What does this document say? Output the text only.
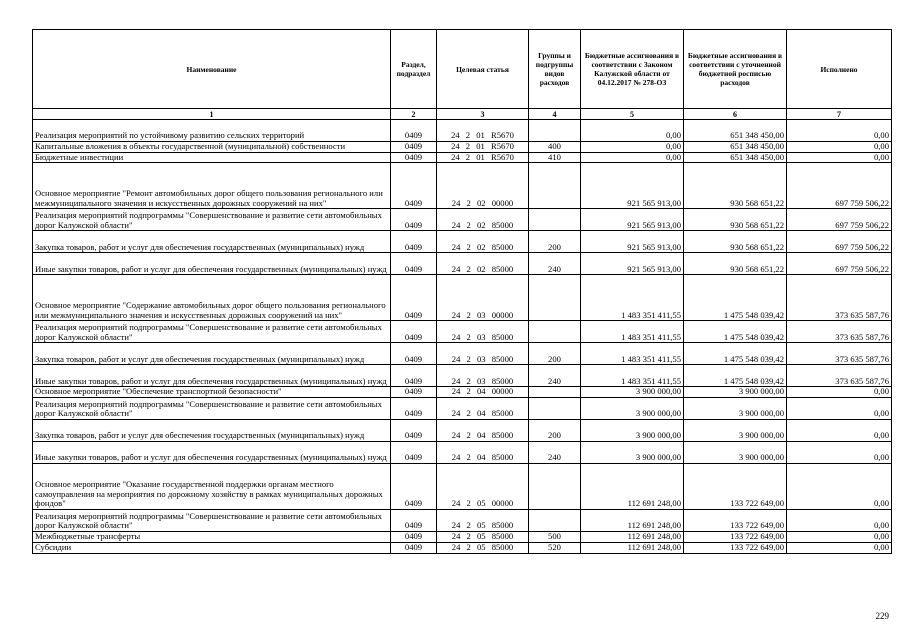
Наименование	Раздел, подраздел	Целевая статья	Группы и подгруппы видов расходов	Бюджетные ассигнования в соответствии с Законом Калужской области от 04.12.2017 № 278-ОЗ	Бюджетные ассигнования в соответствии с уточненной бюджетной росписью расходов	Исполнено
1	2	3	4	5	6	7
Реализация мероприятий по устойчивому развитию сельских территорий	0409	24 2 01 R5670		0,00	651 348 450,00	0,00
Капитальные вложения в объекты государственной (муниципальной) собственности	0409	24 2 01 R5670	400	0,00	651 348 450,00	0,00
Бюджетные инвестиции	0409	24 2 01 R5670	410	0,00	651 348 450,00	0,00
Основное мероприятие "Ремонт автомобильных дорог общего пользования регионального или межмуниципального значения и искусственных дорожных сооружений на них"	0409	24 2 02 00000		921 565 913,00	930 568 651,22	697 759 506,22
Реализация мероприятий подпрограммы "Совершенствование и развитие сети автомобильных дорог Калужской области"	0409	24 2 02 85000		921 565 913,00	930 568 651,22	697 759 506,22
Закупка товаров, работ и услуг для обеспечения государственных (муниципальных) нужд	0409	24 2 02 85000	200	921 565 913,00	930 568 651,22	697 759 506,22
Иные закупки товаров, работ и услуг для обеспечения государственных (муниципальных) нужд	0409	24 2 02 85000	240	921 565 913,00	930 568 651,22	697 759 506,22
Основное мероприятие "Содержание автомобильных дорог общего пользования регионального или межмуниципального значения и искусственных дорожных сооружений на них"	0409	24 2 03 00000		1 483 351 411,55	1 475 548 039,42	373 635 587,76
Реализация мероприятий подпрограммы "Совершенствование и развитие сети автомобильных дорог Калужской области"	0409	24 2 03 85000		1 483 351 411,55	1 475 548 039,42	373 635 587,76
Закупка товаров, работ и услуг для обеспечения государственных (муниципальных) нужд	0409	24 2 03 85000	200	1 483 351 411,55	1 475 548 039,42	373 635 587,76
Иные закупки товаров, работ и услуг для обеспечения государственных (муниципальных) нужд	0409	24 2 03 85000	240	1 483 351 411,55	1 475 548 039,42	373 635 587,76
Основное мероприятие "Обеспечение транспортной безопасности"	0409	24 2 04 00000		3 900 000,00	3 900 000,00	0,00
Реализация мероприятий подпрограммы "Совершенствование и развитие сети автомобильных дорог Калужской области"	0409	24 2 04 85000		3 900 000,00	3 900 000,00	0,00
Закупка товаров, работ и услуг для обеспечения государственных (муниципальных) нужд	0409	24 2 04 85000	200	3 900 000,00	3 900 000,00	0,00
Иные закупки товаров, работ и услуг для обеспечения государственных (муниципальных) нужд	0409	24 2 04 85000	240	3 900 000,00	3 900 000,00	0,00
Основное мероприятие "Оказание государственной поддержки органам местного самоуправления на мероприятия по дорожному хозяйству в рамках муниципальных дорожных фондов"	0409	24 2 05 00000		112 691 248,00	133 722 649,00	0,00
Реализация мероприятий подпрограммы "Совершенствование и развитие сети автомобильных дорог Калужской области"	0409	24 2 05 85000		112 691 248,00	133 722 649,00	0,00
Межбюджетные трансферты	0409	24 2 05 85000	500	112 691 248,00	133 722 649,00	0,00
Субсидии	0409	24 2 05 85000	520	112 691 248,00	133 722 649,00	0,00
229
